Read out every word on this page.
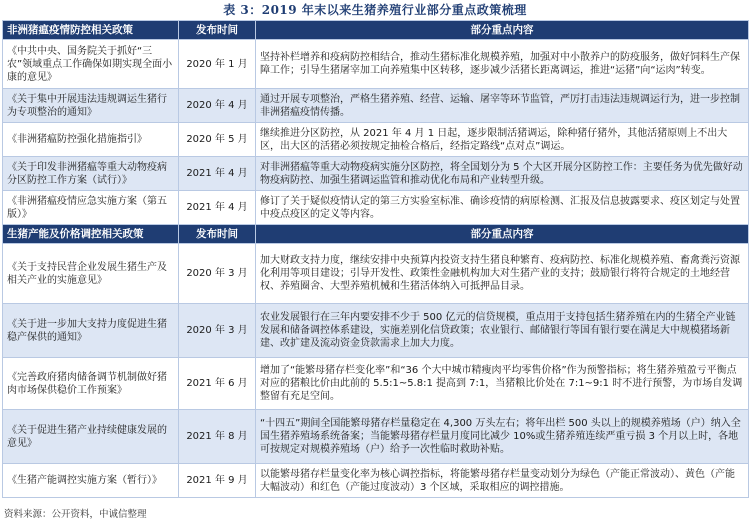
表 3：2019 年末以来生猪养殖行业部分重点政策梳理
非洲猪瘟疫情防控相关政策	发布时间	部分重点内容
《中共中央、国务院关于抓好“三农”领域重点工作确保如期实现全面小康的意见》	2020 年 1 月	坚持补栏增养和疫病防控相结合，推动生猪标准化规模养殖，加强对中小散养户的防疫服务，做好饲料生产保障工作；引导生猪屠宰加工向养殖集中区转移，逐步减少活猪长距离调运，推进“运猪”向“运肉”转变。
《关于集中开展违法违规调运生猪行为专项整治的通知》	2020 年 4 月	通过开展专项整治，严格生猪养殖、经营、运输、屠宰等环节监管，严厉打击违法违规调运行为，进一步控制非洲猪瘟疫情传播。
《非洲猪瘟防控强化措施指引》	2020 年 5 月	继续推进分区防控，从 2021 年 4 月 1 日起，逐步限制活猪调运，除种猪仔猪外，其他活猪原则上不出大区，出大区的活猪必须按规定抽检合格后，经指定路线“点对点”调运。
《关于印发非洲猪瘟等重大动物疫病分区防控工作方案（试行）》	2021 年 4 月	对非洲猪瘟等重大动物疫病实施分区防控，将全国划分为 5 个大区开展分区防控工作：主要任务为优先做好动物疫病防控、加强生猪调运监管和推动优化布局和产业转型升级。
《非洲猪瘟疫情应急实施方案（第五版）》	2021 年 4 月	修订了关于疑似疫情认定的第三方实验室标准、确诊疫情的病原检测、汇报及信息披露要求、疫区划定与处置中疫点疫区的定义等内容。
生猪产能及价格调控相关政策	发布时间	部分重点内容
《关于支持民营企业发展生猪生产及相关产业的实施意见》	2020 年 3 月	加大财政支持力度，继续安排中央预算内投资支持生猪良种繁育、疫病防控、标准化规模养殖、畜禽粪污资源化利用等项目建设；引导开发性、政策性金融机构加大对生猪产业的支持；鼓励银行将符合规定的土地经营权、养殖圈舍、大型养殖机械和生猪活体纳入可抵押品目录。
《关于进一步加大支持力度促进生猪稳产保供的通知》	2020 年 3 月	农业发展银行在三年内要安排不少于 500 亿元的信贷规模，重点用于支持包括生猪养殖在内的生猪全产业链发展和储备调控体系建设，实施差别化信贷政策；农业银行、邮储银行等国有银行要在满足大中规模猪场新建、改扩建及流动资金贷款需求上加大力度。
《完善政府猪肉储备调节机制做好猪肉市场保供稳价工作预案》	2021 年 6 月	增加了“能繁母猪存栏变化率”和“36 个大中城市精瘦肉平均零售价格”作为预警指标；将生猪养殖盈亏平衡点对应的猪粮比价由此前的 5.5:1~5.8:1 提高到 7:1，当猪粮比价处在 7:1~9:1 时不进行预警，为市场自发调整留有充足空间。
《关于促进生猪产业持续健康发展的意见》	2021 年 8 月	“十四五”期间全国能繁母猪存栏量稳定在 4,300 万头左右；将年出栏 500 头以上的规模养殖场（户）纳入全国生猪养殖场系统备案；当能繁母猪存栏量月度同比减少 10%或生猪养殖连续严重亏损 3 个月以上时，各地可按规定对规模养殖场（户）给予一次性临时救助补贴。
《生猪产能调控实施方案（暂行）》	2021 年 9 月	以能繁母猪存栏量变化率为核心调控指标，将能繁母猪存栏量变动划分为绿色（产能正常波动）、黄色（产能大幅波动）和红色（产能过度波动）3 个区域，采取相应的调控措施。
资料来源：公开资料，中诚信整理
